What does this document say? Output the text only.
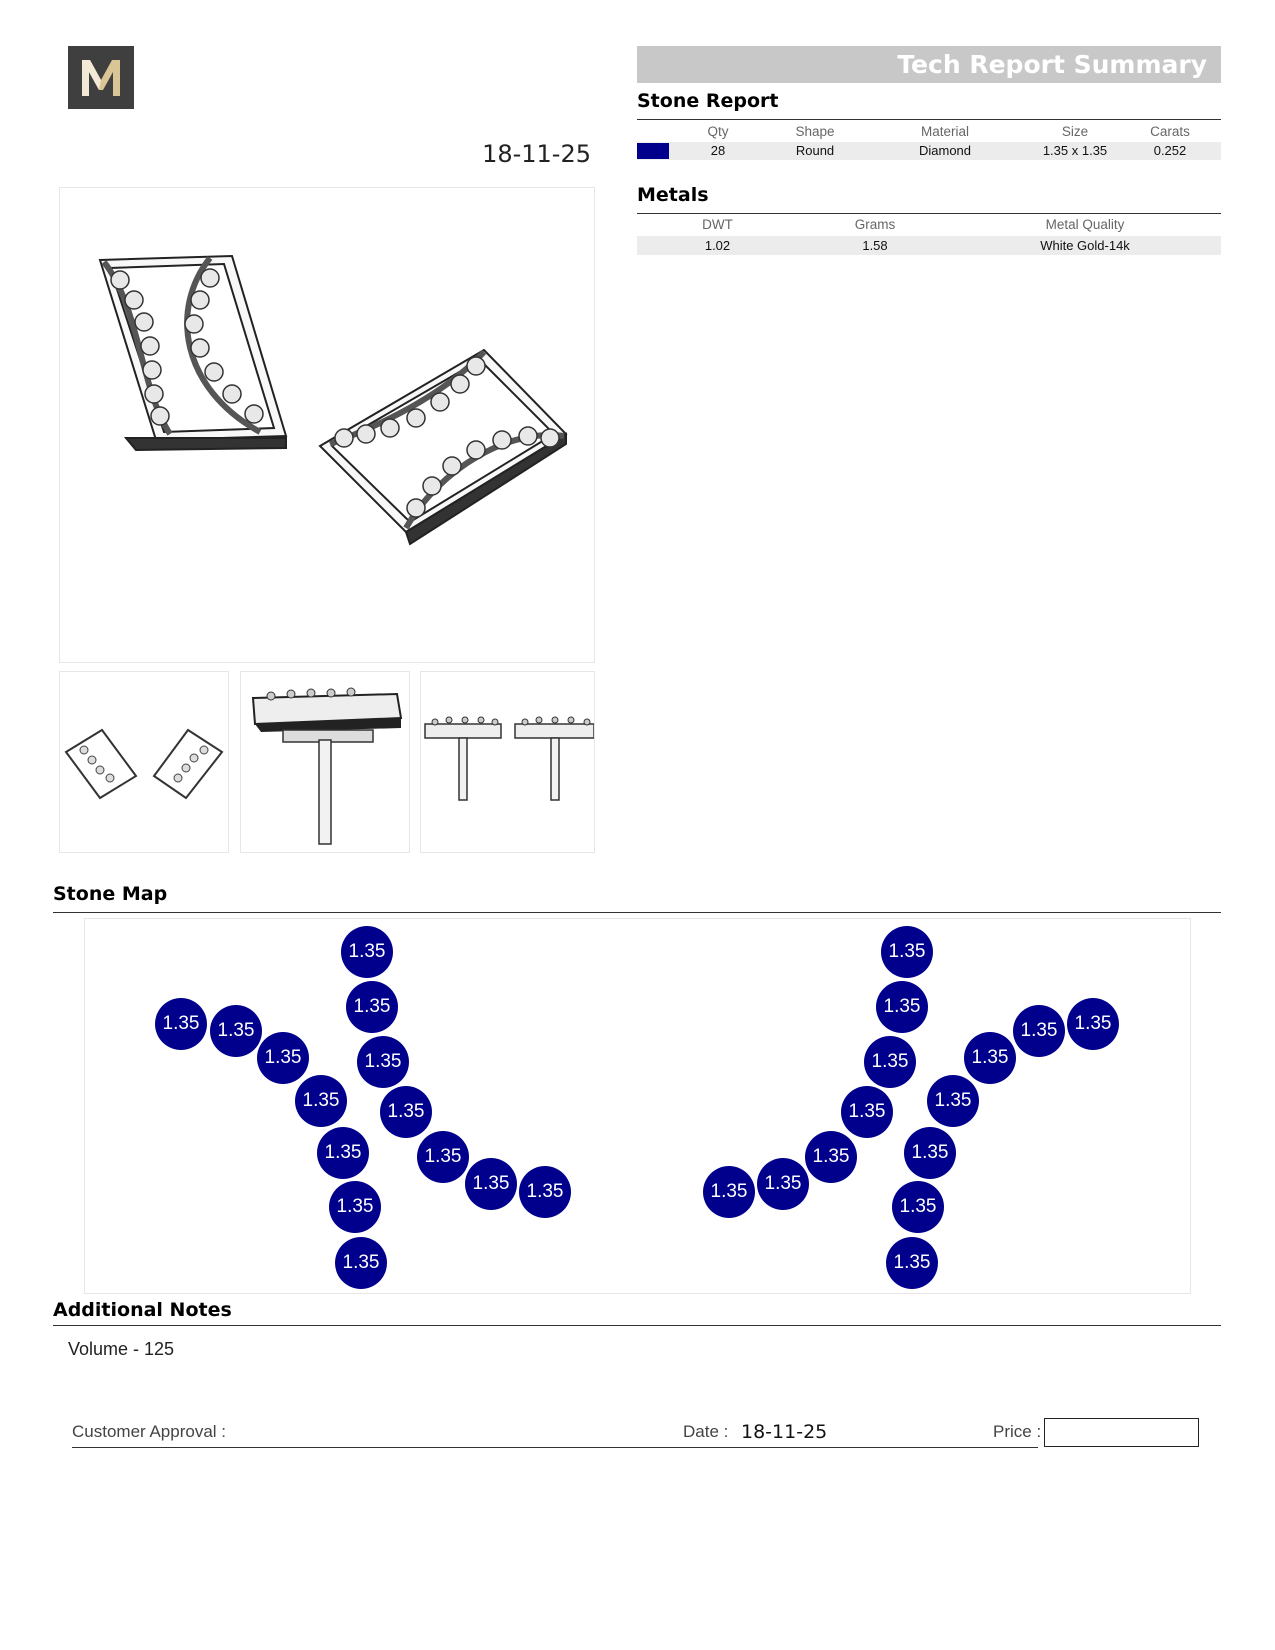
18-11-25
Tech Report Summary
Stone Report
Qty	Shape	Material	Size	Carats
28	Round	Diamond	1.35 x 1.35	0.252
Metals
DWT	Grams	Metal Quality
1.02	1.58	White Gold-14k
Stone Map
1.35
1.35
1.35
1.35
1.35
1.35 1.35
1.35 1.35
1.35
1.35
1.35
1.35
1.35
1.35
1.35
1.35
1.35
1.35
1.35
1.35
1.35
1.35
1.35
1.35
1.35
1.35
1.35
Additional Notes
Volume - 125
Customer Approval :	Date : 18-11-25	Price :
